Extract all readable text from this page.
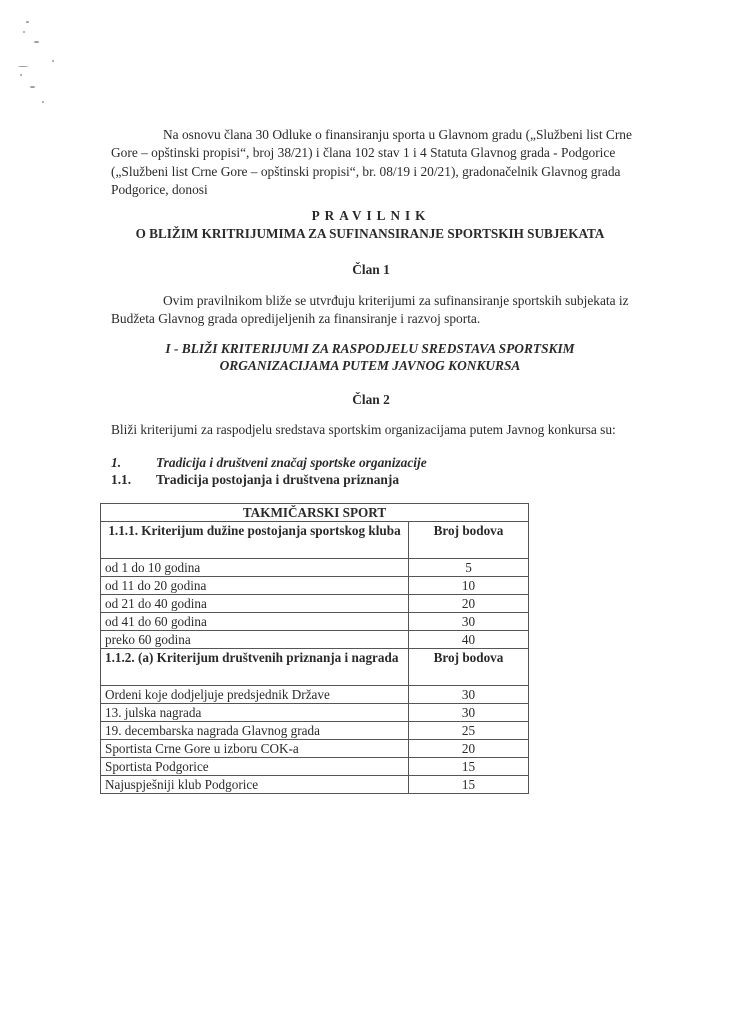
Na osnovu člana 30 Odluke o finansiranju sporta u Glavnom gradu („Službeni list Crne
Gore – opštinski propisi“, broj 38/21) i člana 102 stav 1 i 4 Statuta Glavnog grada - Podgorice
(„Službeni list Crne Gore – opštinski propisi“, br. 08/19 i 20/21), gradonačelnik Glavnog grada
Podgorice, donosi
PRAVILNIK
O BLIŽIM KRITRIJUMIMA ZA SUFINANSIRANJE SPORTSKIH SUBJEKATA
Član 1
Ovim pravilnikom bliže se utvrđuju kriterijumi za sufinansiranje sportskih subjekata iz
Budžeta Glavnog grada opredijeljenih za finansiranje i razvoj sporta.
I - BLIŽI KRITERIJUMI ZA RASPODJELU SREDSTAVA SPORTSKIM
ORGANIZACIJAMA PUTEM JAVNOG KONKURSA
Član 2
Bliži kriterijumi za raspodjelu sredstava sportskim organizacijama putem Javnog konkursa su:
1.	Tradicija i društveni značaj sportske organizacije
1.1. Tradicija postojanja i društvena priznanja
TAKMIČARSKI SPORT	
1.1.1. Kriterijum dužine postojanja sportskog kluba	Broj bodova
od 1 do 10 godina	5
od 11 do 20 godina	10
od 21 do 40 godina	20
od 41 do 60 godina	30
preko 60 godina	40
1.1.2. (a) Kriterijum društvenih priznanja i nagrada	Broj bodova
Ordeni koje dodjeljuje predsjednik Države	30
13. julska nagrada	30
19. decembarska nagrada Glavnog grada	25
Sportista Crne Gore u izboru COK-a	20
Sportista Podgorice	15
Najuspješniji klub Podgorice	15
